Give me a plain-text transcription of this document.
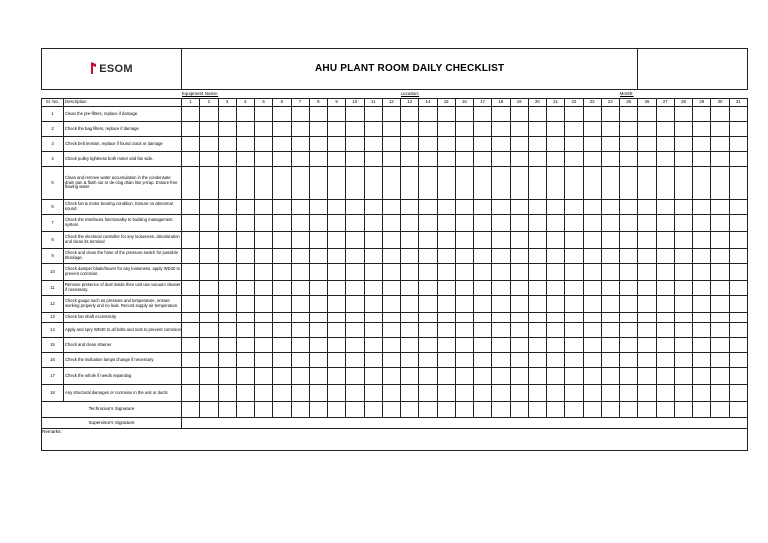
ESOM		AHU PLANT ROOM DAILY CHECKLIST																														
		Equipment Name:												Location:												Month:						
Sr. No.	Description	1	2	3	4	5	6	7	8	9	10	11	12	13	14	15	16	17	18	19	20	21	22	23	24	25	26	27	28	29	30	31
1	Clean the pre-filters, replace if damage.																															
2	Check the bag filters, replace if damage																															
3	Check belt tension, replace if found crack or damage																															
4	Check pulley tightness both motor and fan side.																															
5	Clean and remove water accumulation in the condensate drain pan & flush out or de-clog drain line p-trap. Ensure free flowing water																															
6	Check fan & motor bearing condition. Ensure no abnormal sound.																															
7	Check the Interfaces functionality to building management system																															
8	Check the electrical controller for any looseness, discoloration and clean its terminal																															
9	Check and clean the hose of the pressure switch for possible blockage.																															
10	Check damper blade/louver for any looseness, apply WD40 to prevent corrosion.																															
11	Remove presence of dust inside then unit use vacuum cleaner if necessary.																															
12	Check gauge such as pressure and temperature, ensure working properly and no leak. Record supply air temperature.																															
13	Check fan shaft eccentricity																															
14	Apply and spry WD40 to all bolts and nuts to prevent corrosion																															
15	Check and clean strainer																															
16	Check the indication lamps change if necessary																															
17	Check the whole if needs repainting																															
18	Any structural damages or corrosion in the unit or ducts																															
Technician's Signature																																
Supervisor's Signature																																
Remarks:																																
